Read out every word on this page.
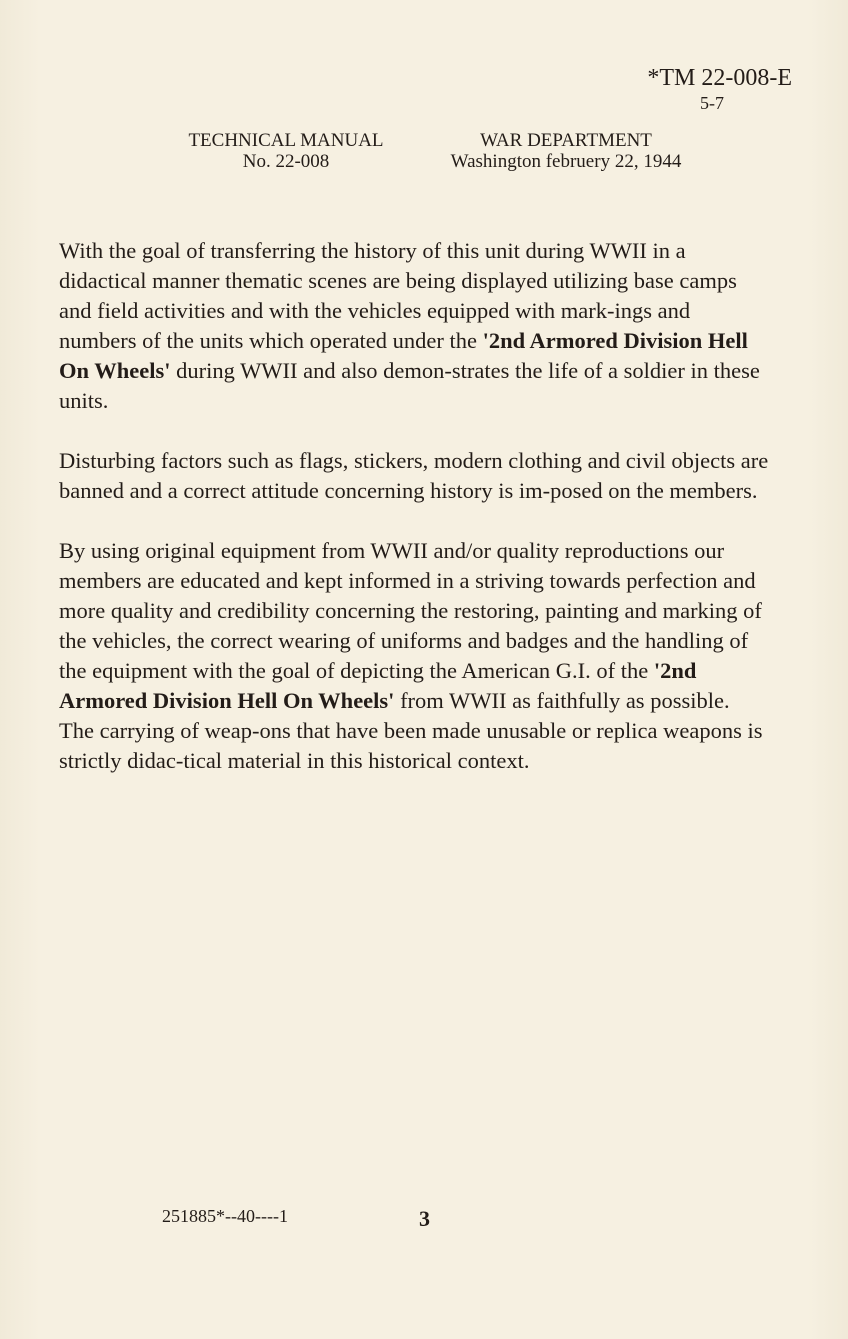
*TM 22-008-E
5-7
TECHNICAL MANUAL
No. 22-008
WAR DEPARTMENT
Washington februery 22, 1944

With the goal of transferring the history of this unit during WWII in a didactical manner thematic scenes are being displayed utilizing base camps and field activities and with the vehicles equipped with mark-ings and numbers of the units which operated under the '2nd Armored Division Hell On Wheels' during WWII and also demon-strates the life of a soldier in these units.

Disturbing factors such as flags, stickers, modern clothing and civil objects are banned and a correct attitude concerning history is im-posed on the members.

By using original equipment from WWII and/or quality reproductions our members are educated and kept informed in a striving towards perfection and more quality and credibility concerning the restoring, painting and marking of the vehicles, the correct wearing of uniforms and badges and the handling of the equipment with the goal of depicting the American G.I. of the '2nd Armored Division Hell On Wheels' from WWII as faithfully as possible. The carrying of weap-ons that have been made unusable or replica weapons is strictly didac-tical material in this historical context.

251885*--40----1	3
